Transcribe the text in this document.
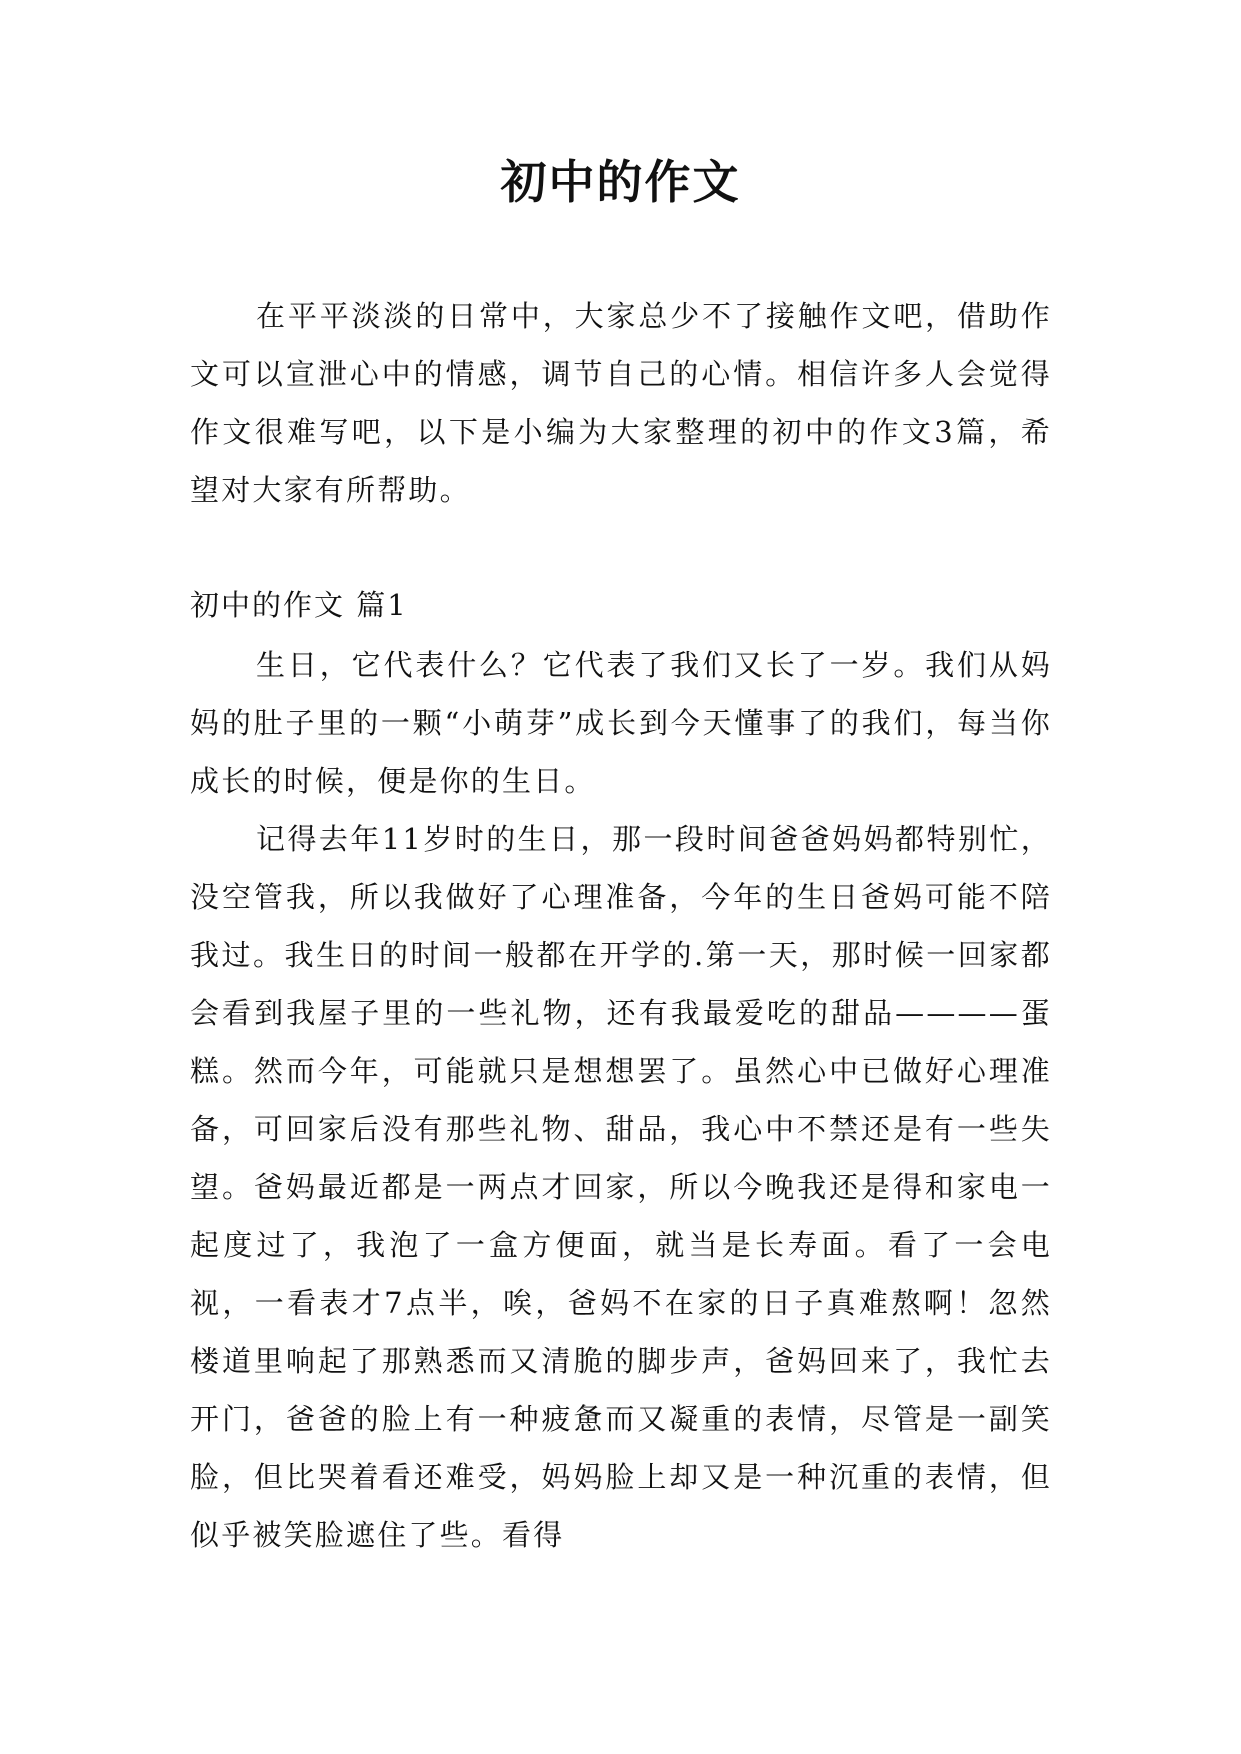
初中的作文

在平平淡淡的日常中，大家总少不了接触作文吧，借助作文可以宣泄心中的情感，调节自己的心情。相信许多人会觉得作文很难写吧，以下是小编为大家整理的初中的作文3篇，希望对大家有所帮助。

初中的作文 篇1

生日，它代表什么？它代表了我们又长了一岁。我们从妈妈的肚子里的一颗“小萌芽”成长到今天懂事了的我们，每当你成长的时候，便是你的生日。

记得去年11岁时的生日，那一段时间爸爸妈妈都特别忙，没空管我，所以我做好了心理准备，今年的生日爸妈可能不陪我过。我生日的时间一般都在开学的.第一天，那时候一回家都会看到我屋子里的一些礼物，还有我最爱吃的甜品————蛋糕。然而今年，可能就只是想想罢了。虽然心中已做好心理准备，可回家后没有那些礼物、甜品，我心中不禁还是有一些失望。爸妈最近都是一两点才回家，所以今晚我还是得和家电一起度过了，我泡了一盒方便面，就当是长寿面。看了一会电视，一看表才7点半，唉，爸妈不在家的日子真难熬啊！忽然楼道里响起了那熟悉而又清脆的脚步声，爸妈回来了，我忙去开门，爸爸的脸上有一种疲惫而又凝重的表情，尽管是一副笑脸，但比哭着看还难受，妈妈脸上却又是一种沉重的表情，但似乎被笑脸遮住了些。看得
